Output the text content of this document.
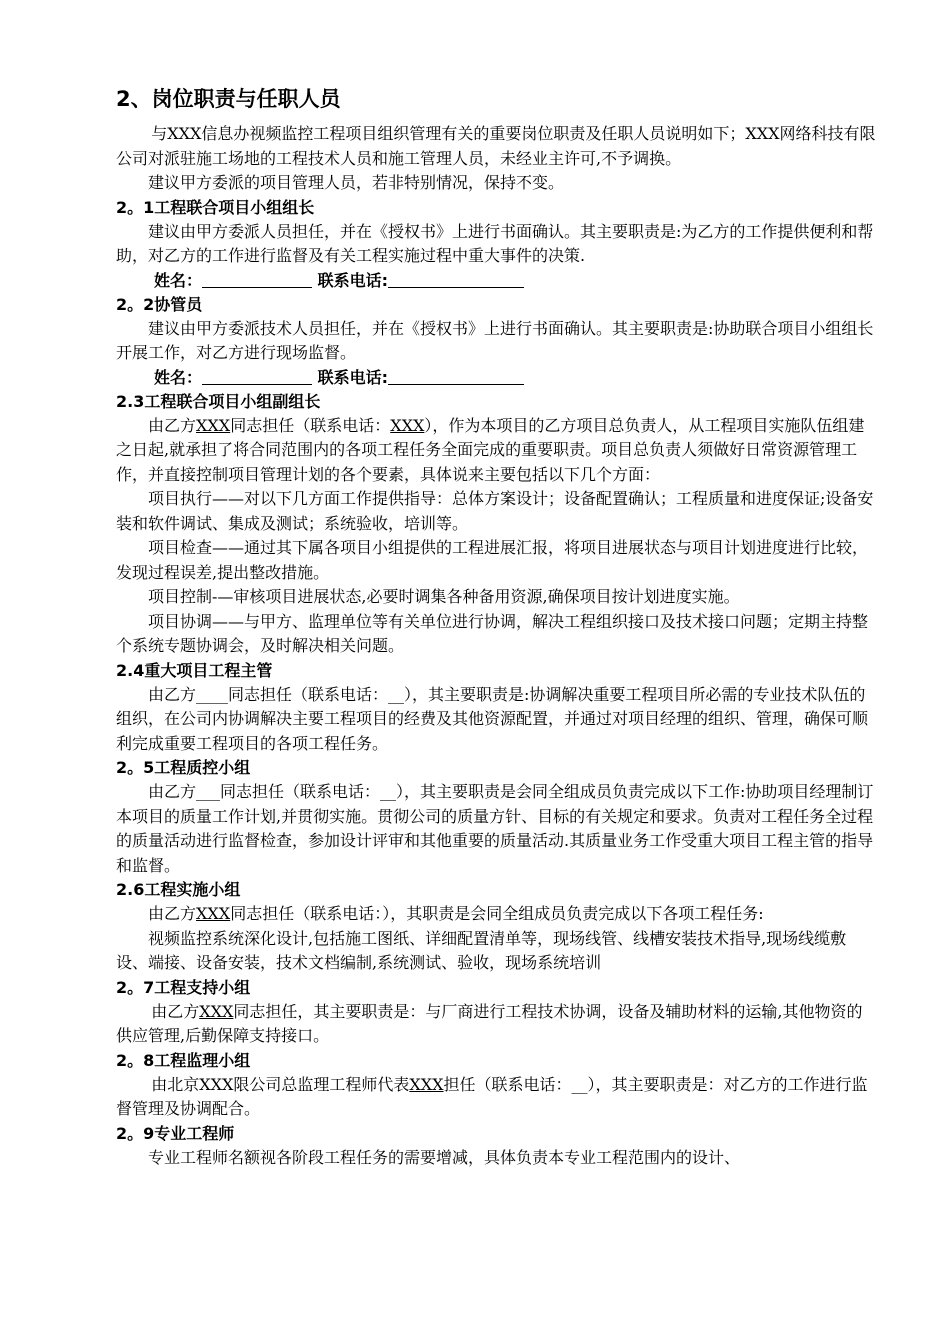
2、岗位职责与任职人员

与XXX信息办视频监控工程项目组织管理有关的重要岗位职责及任职人员说明如下；XXX网络科技有限公司对派驻施工场地的工程技术人员和施工管理人员，未经业主许可,不予调换。

建议甲方委派的项目管理人员，若非特别情况，保持不变。

2。1工程联合项目小组组长

建议由甲方委派人员担任，并在《授权书》上进行书面确认。其主要职责是:为乙方的工作提供便利和帮助，对乙方的工作进行监督及有关工程实施过程中重大事件的决策.

姓名：	联系电话:
2。2协管员

建议由甲方委派技术人员担任，并在《授权书》上进行书面确认。其主要职责是:协助联合项目小组组长开展工作，对乙方进行现场监督。

姓名：	联系电话:
2.3工程联合项目小组副组长

由乙方XXX同志担任（联系电话：XXX），作为本项目的乙方项目总负责人，从工程项目实施队伍组建之日起,就承担了将合同范围内的各项工程任务全面完成的重要职责。项目总负责人须做好日常资源管理工作，并直接控制项目管理计划的各个要素，具体说来主要包括以下几个方面：

项目执行——对以下几方面工作提供指导：总体方案设计；设备配置确认；工程质量和进度保证;设备安装和软件调试、集成及测试；系统验收，培训等。

项目检查——通过其下属各项目小组提供的工程进展汇报，将项目进展状态与项目计划进度进行比较，发现过程误差,提出整改措施。

项目控制-—审核项目进展状态,必要时调集各种备用资源,确保项目按计划进度实施。

项目协调——与甲方、监理单位等有关单位进行协调，解决工程组织接口及技术接口问题；定期主持整个系统专题协调会，及时解决相关问题。

2.4重大项目工程主管

由乙方____同志担任（联系电话：__），其主要职责是:协调解决重要工程项目所必需的专业技术队伍的组织，在公司内协调解决主要工程项目的经费及其他资源配置，并通过对项目经理的组织、管理，确保可顺利完成重要工程项目的各项工程任务。

2。5工程质控小组

由乙方___同志担任（联系电话：__），其主要职责是会同全组成员负责完成以下工作:协助项目经理制订本项目的质量工作计划,并贯彻实施。贯彻公司的质量方针、目标的有关规定和要求。负责对工程任务全过程的质量活动进行监督检查，参加设计评审和其他重要的质量活动.其质量业务工作受重大项目工程主管的指导和监督。

2.6工程实施小组

由乙方XXX同志担任（联系电话：），其职责是会同全组成员负责完成以下各项工程任务:

视频监控系统深化设计,包括施工图纸、详细配置清单等，现场线管、线槽安装技术指导,现场线缆敷设、端接、设备安装，技术文档编制,系统测试、验收，现场系统培训

2。7工程支持小组

由乙方XXX同志担任，其主要职责是：与厂商进行工程技术协调，设备及辅助材料的运输,其他物资的供应管理,后勤保障支持接口。

2。8工程监理小组

由北京XXX限公司总监理工程师代表XXX担任（联系电话：__），其主要职责是：对乙方的工作进行监督管理及协调配合。

2。9专业工程师

专业工程师名额视各阶段工程任务的需要增减，具体负责本专业工程范围内的设计、
